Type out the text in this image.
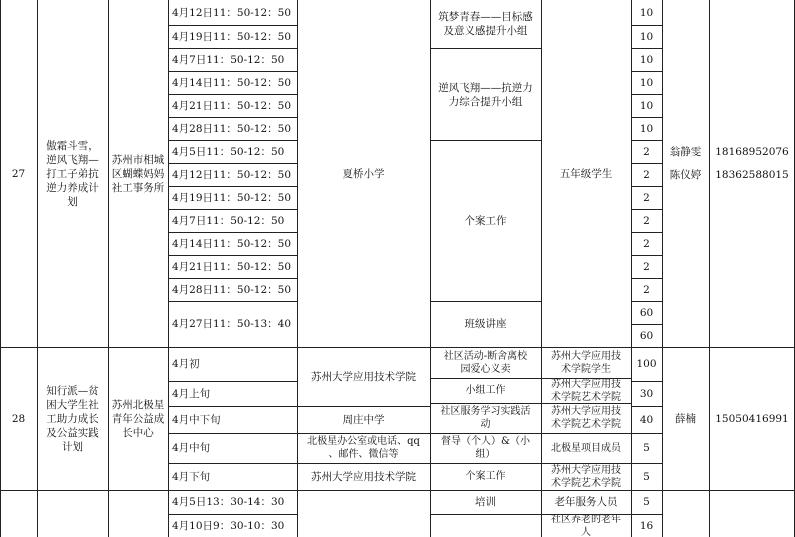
27
傲霜斗雪，
逆风飞翔—
打工子弟抗
逆力养成计
划
苏州市相城
区蝴蝶妈妈
社工事务所
4月12日11：50-12：50
4月19日11：50-12：50
4月7日11：50-12：50
4月14日11：50-12：50
4月21日11：50-12：50
4月28日11：50-12：50
4月5日11：50-12：50
4月12日11：50-12：50
4月19日11：50-12：50
4月7日11：50-12：50
4月14日11：50-12：50
4月21日11：50-12：50
4月28日11：50-12：50
4月27日11：50-13：40
夏桥小学
筑梦青春——目标感
及意义感提升小组
逆风飞翔——抗逆力
力综合提升小组
个案工作
班级讲座
五年级学生
10
10
10
10
10
10
2
2
2
2
2
2
2
60
60
翁静雯
陈仪婷
18168952076
18362588015
28
知行派—贫
困大学生社
工助力成长
及公益实践
计划
苏州北极星
青年公益成
长中心
4月初
4月上旬
4月中下旬
4月中旬
4月下旬
苏州大学应用技术学院
周庄中学
北极星办公室或电话、qq
、邮件、微信等
苏州大学应用技术学院
社区活动-断舍离校
园爱心义卖
小组工作
社区服务学习实践活
动
督导（个人）&（小
组）
个案工作
苏州大学应用技
术学院学生
苏州大学应用技
术学院艺术学院
苏州大学应用技
术学院艺术学院
北极星项目成员
苏州大学应用技
术学院艺术学院
100
30
40
5
5
薛楠	15050416991
4月5日13：30-14：30
4月10日9：30-10：30
培训	老年服务人员
社区养老的老年
人
5
16
